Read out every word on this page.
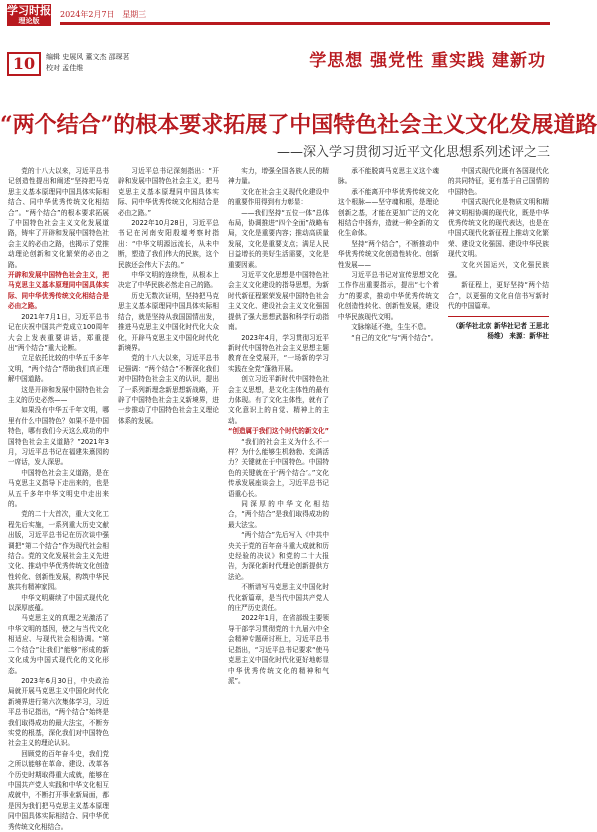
学习时报
理论版
2024年2月7日 星期三
10	编辑 史展风 董文杰 邵琛茗
校对 孟佳维	学思想 强党性 重实践 建新功
“两个结合”的根本要求拓展了中国特色社会主义文化发展道路
——深入学习贯彻习近平文化思想系列述评之三

党的十八大以来，习近平总书记创造性提出和阐述“坚持把马克思主义基本原理同中国具体实际相结合、同中华优秀传统文化相结合”。“两个结合”的根本要求拓展了中国特色社会主义文化发展道路，铸牢了开辟和发展中国特色社会主义的必由之路，也揭示了党推动理论创新和文化繁荣的必由之路。

开辟和发展中国特色社会主义，把马克思主义基本原理同中国具体实际、同中华优秀传统文化相结合是必由之路。

2021年7月1日，习近平总书记在庆祝中国共产党成立100周年大会上发表重要讲话，郑重提出“两个结合”重大论断。

立足依托比较的中华五千多年文明，“两个结合”帮助我们真正理解中国道路。

这是开辟和发展中国特色社会主义的历史必然——

如果没有中华五千年文明，哪里有什么中国特色？如果不是中国特色，哪有我们今天这么成功的中国特色社会主义道路？”2021年3月，习近平总书记在福建朱熹园的一席话，发人深思。

中国特色社会主义道路，是在马克思主义指导下走出来的，也是从五千多年中华文明史中走出来的。

党的二十大首次，重大文化工程先后实施，一系列重大历史文献出版，习近平总书记在历次谈中强调把“第二个结合”作为现代社会相结合。党的文化发展社会主义先进文化、推动中华优秀传统文化创造性转化、创新性发展，构筑中华民族共有精神家园。

中华文明赓续了中国式现代化以深厚底蕴。

马克思主义的真理之光激活了中华文明的基因，使之与当代文化相适应、与现代社会相协调。“第二个结合”让我们“能够”形成的新文化成为中国式现代化的文化形态。

2023年6月30日，中央政治局就开展马克思主义中国化时代化新境界进行第六次集体学习，习近平总书记指出，“两个结合”始终是我们取得成功的最大法宝，不断夯实党的根基，深化我们对中国特色社会主义的理论认识。

回顾党的百年奋斗史，我们党之所以能够在革命、建设、改革各个历史时期取得重大成就，能够在中国共产党人实践和中华文化相互成就中，不断打开事业新局面，都是因为我们把马克思主义基本原理同中国具体实际相结合、同中华优秀传统文化相结合。

习近平总书记深刻指出：“开辟和发展中国特色社会主义，把马克思主义基本原理同中国具体实际、同中华优秀传统文化相结合是必由之路。”

2022年10月28日，习近平总书记在河南安阳殷墟考察时指出：“中华文明源远流长，从未中断，塑造了我们伟大的民族，这个民族还会伟大下去的。”

中华文明的连续性，从根本上决定了中华民族必然走自己的路。

历史无数次证明，坚持把马克思主义基本原理同中国具体实际相结合，就是坚持从我国国情出发，推进马克思主义中国化时代化大众化，开辟马克思主义中国化时代化新境界。

党的十八大以来，习近平总书记强调：“两个结合”不断深化我们对中国特色社会主义的认识，提出了一系列新理念新思想新战略，开辟了中国特色社会主义新境界，进一步推动了中国特色社会主义理论体系的发展。

实力，增强全国各族人民的精神力量。

文化在社会主义现代化建设中的重要作用得到有力彰显：

——我们坚持“五位一体”总体布局，协调推进“四个全面”战略布局，文化是重要内容；推动高质量发展，文化是重要支点；满足人民日益增长的美好生活需要，文化是重要因素。

习近平文化思想是中国特色社会主义文化建设的指导思想，为新时代新征程繁荣发展中国特色社会主义文化、建设社会主义文化强国提供了强大思想武器和科学行动指南。

2023年4月，学习贯彻习近平新时代中国特色社会主义思想主题教育在全党展开，“一场新的学习实践在全党”蓬勃开展。

创立习近平新时代中国特色社会主义思想，是文化主体性的最有力体现。有了文化主体性，就有了文化意识上的自觉、精神上的主动。

“创造属于我们这个时代的新文化”

“我们的社会主义为什么不一样？为什么能够生机勃勃、充满活力？关键就在于中国特色。中国特色的关键就在于‘两个结合’。”文化传承发展座谈会上，习近平总书记语重心长。

同深厚的中华文化相结合，“两个结合”是我们取得成功的最大法宝。

“两个结合”先后写入《中共中央关于党的百年奋斗重大成就和历史经验的决议》和党的二十大报告，为深化新时代理论创新提供方法论。

不断谱写马克思主义中国化时代化新篇章，是当代中国共产党人的庄严历史责任。

2022年1月，在省部级主要领导干部学习贯彻党的十九届六中全会精神专题研讨班上，习近平总书记指出，“习近平总书记要求“使马克思主义中国化时代化更好地彰显中华优秀传统文化的精神和气派”。

承不能脱离马克思主义这个魂脉。

承不能离开中华优秀传统文化这个根脉——坚守魂和根，是理论创新之基，才能在更加广泛的文化相结合中扬弃，造就一种全新的文化生命体。

坚持“两个结合”，不断推动中华优秀传统文化创造性转化、创新性发展——

习近平总书记对宣传思想文化工作作出重要指示，提出“七个着力”的要求，推动中华优秀传统文化创造性转化、创新性发展，建设中华民族现代文明。

文脉绵延不绝，生生不息。

“自己的文化”与“两个结合”。

中国式现代化既有各国现代化的共同特征，更有基于自己国情的中国特色。

中国式现代化是物质文明和精神文明相协调的现代化，既是中华优秀传统文化的现代表达，也是在中国式现代化新征程上推动文化繁荣、建设文化强国、建设中华民族现代文明。

文化兴国运兴，文化强民族强。

新征程上，更好坚持“两个结合”，以更强的文化自信书写新时代的中国篇章。

（新华社北京 新华社记者 王思北 杨维） 来源：新华社
